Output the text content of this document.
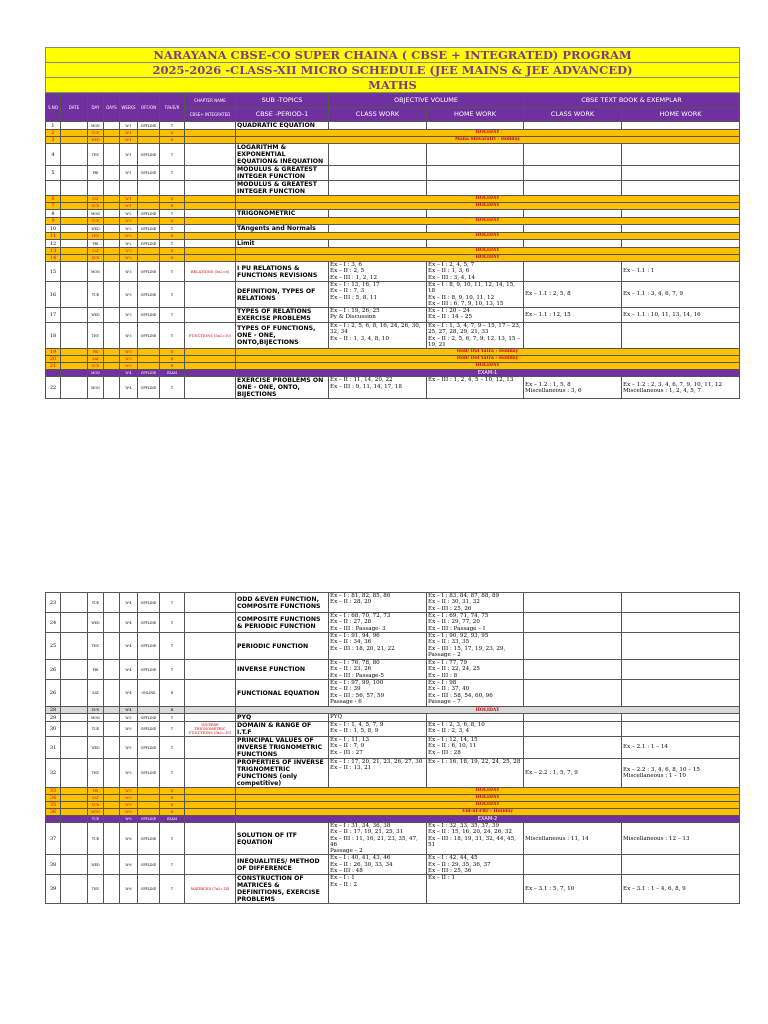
NARAYANA CBSE-CO SUPER CHAINA ( CBSE + INTEGRATED) PROGRAM
2025-2026 -CLASS-XII MICRO SCHEDULE (JEE MAINS & JEE ADVANCED)
MATHS
S.NO	DATE	DAY	DAYS	WEEKS	OFF/ON	T/H/E/R	CHAPTER NAME	SUB -TOPICS	OBJECTIVE VOLUME		CBSE TEXT BOOK & EXEMPLAR	
							CBSE+ INTEGRATED	CBSE -PERIOD-1	CLASS WORK	HOME WORK	CLASS WORK	HOME WORK
1		MON		W-1	OFFLINE	T		QUADRATIC EQUATION				
2		TUE		W-1		H		HOLIDAY				
3		WED		W-1		H		Maha Shivaratri - Holiday				
4		THU		W-1	OFFLINE	T		LOGARITHM & EXPONENTIAL EQUATION& INEQUATION				
5		FRI		W-1	OFFLINE	T		MODULUS & GREATEST INTEGER FUNCTION				
								MODULUS & GREATEST INTEGER FUNCTION				
6		SAT		W-1		H		HOLIDAY				
7		SUN		W-1		H		HOLIDAY				
8		MON		W-2	OFFLINE	T		TRIGONOMETRIC				
9		TUE		W-2		H		HOLIDAY				
10		WED		W-2	OFFLINE	T		TAngents and Normals				
11		THU		W-2		H		HOLIDAY				
12		FRI		W-2	OFFLINE	T		Limit				
13		SAT		W-2		H		HOLIDAY				
14		SUN		W-2		H		HOLIDAY				
15		MON		W-3	OFFLINE	T	RELATIONS (5x2=6)	I PU RELATIONS & FUNCTIONS REVISIONS	Ex – I : 3, 6
Ex – II : 2, 5
Ex – III : 1, 2, 12	Ex – I : 2, 4, 5, 7
Ex – II : 1, 3, 6
Ex – III : 3, 4, 14		Ex – 1.1 : 1
16		TUE		W-3	OFFLINE	T		DEFINITION, TYPES OF RELATIONS	Ex – I : 13, 16, 17
Ex – II : 7, 3
Ex – III : 5, 8, 11	Ex – I : 8, 9, 10, 11, 12, 14, 15, 18
Ex – II : 8, 9, 10, 11, 12
Ex – III : 6, 7, 9, 10, 13, 15	Ex – 1.1 : 2, 5, 8	Ex – 1.1 : 3, 4, 6, 7, 9
17		WED		W-3	OFFLINE	T		TYPES OF RELATIONS EXERCISE PROBLEMS	Ex – I : 19, 26, 25
Py & Discussion	Ex – I : 20 – 24
Ex – II : 14 – 25	Ex – 1.1 : 12, 15	Ex – 1.1 : 10, 11, 13, 14, 16
18		THU		W-3	OFFLINE	T	FUNCTIONS (5x2=10)	TYPES OF FUNCTIONS, ONE - ONE, ONTO,BIJECTIONS	Ex – I : 2, 5, 6, 8, 16, 24, 26, 30, 32, 34
Ex – II : 1, 3, 4, 8, 10	Ex – I : 1, 3, 4, 7, 9 – 15, 17 – 23, 25, 27, 28, 29, 21, 33
Ex – II : 2, 5, 6, 7, 9, 12, 13, 15 – 19, 21		
19		FRI		W-3		H		Holi/ Dol Yatra - Holiday				
20		SAT		W-3		H		Holi/ Dol Yatra - Holiday				
21		SUN		W-3		H		HOLIDAY				
		MON		W-4	OFFLINE	EXAM		EXAM-1				
22		MON		W-4	OFFLINE	T		EXERCISE PROBLEMS ON ONE - ONE, ONTO, BIJECTIONS	Ex – II : 11, 14, 20, 22
Ex – III : 9, 11, 14, 17, 18	Ex – III : 1, 2, 4, 5 – 10, 12, 13	Ex – 1.2 : 1, 5, 8
Miscellaneous : 3, 6	Ex – 1.2 : 2, 3, 4, 6, 7, 9, 10, 11, 12
Miscellaneous : 1, 2, 4, 5, 7
23		TUE		W-4	OFFLINE	T		ODD &EVEN FUNCTION, COMPOSITE FUNCTIONS	Ex – I : 81, 82, 85, 86
Ex – II : 28, 29	Ex – I : 83, 84, 87, 88, 89
Ex – II : 30, 31, 32
Ex – III : 25, 26		
24		WED		W-4	OFFLINE	T		COMPOSITE FUNCTIONS & PERIODIC FUNCTION	Ex – I : 68, 70, 72, 73
Ex – II : 27, 28
Ex – III : Passage- 3	Ex – I : 69, 71, 74, 75
Ex – II : 29, 77, 20
Ex – III : Passage – I		
25		THU		W-4	OFFLINE	T		PERIODIC FUNCTION	Ex – I : 91, 94, 96
Ex – II : 34, 36
Ex – III : 18, 20, 21, 22	Ex – I : 90, 92, 93, 95
Ex – II : 33, 35
Ex – III : 15, 17, 19, 23, 29,
Passage – 2		
26		FRI		W-4	OFFLINE	T		INVERSE FUNCTION	Ex – I : 76, 78, 80
Ex – II : 23, 26
Ex – III : Passage-5	Ex – I : 77, 79
Ex – II : 22, 24, 25
Ex – III : 8		
26		SAT		W-4	ONLINE	R		FUNCTIONAL EQUATION	Ex – I : 97, 99, 100
Ex – II : 39
Ex – III : 56, 57, 59
Passage - 6	Ex – I : 98
Ex – II : 37, 40
Ex – III : 58, 54, 60, 96
Passage – 7		
28		SUN		W-4		H		HOLIDAY				
29		MON		W-5	OFFLINE	T		PYQ	PYQ			
30		TUE		W-5	OFFLINE	T	INVERSE TRIGNOMETRIC FUNCTIONS (5x2=10)	DOMAIN & RANGE OF I.T.F	Ex – I : 1, 4, 5, 7, 9
Ex – II : 1, 5, 8, 9	Ex – I : 2, 3, 6, 8, 10
Ex – II : 2, 3, 4		
31		WED		W-5	OFFLINE	T		PRINCIPAL VALUES OF INVERSE TRIGNOMETRIC FUNCTIONS	Ex – I : 11, 13
Ex – II : 7, 9
Ex – III : 27	Ex – I : 12, 14, 15
Ex – II : 6, 10, 11
Ex – III : 28		Ex – 2.1 : 1 – 14
32		THU		W-5	OFFLINE	T		PROPERTIES OF INVERSE TRIGNOMETRIC FUNCTIONS (only competitive)	Ex – I : 17, 20, 21, 23, 26, 27, 30
Ex – II : 13, 21	Ex – I : 16, 18, 19, 22, 24, 25, 28	Ex – 2.2 : 1, 5, 7, 9	Ex – 2.2 : 3, 4, 6, 8, 10 – 15
Miscellaneous : 1 – 10
33		FRI		W-5		H		HOLIDAY				
34		SAT		W-5		H		HOLIDAY				
35		SUN		W-5		H		HOLIDAY				
36		MON		W-6		H		Eid-ul-Fitr - Holiday				
		TUE		W-6	OFFLINE	EXAM		EXAM-2				
37		TUE		W-6	OFFLINE	T		SOLUTION OF ITF EQUATION	Ex – I : 31, 34, 36, 38
Ex – II : 17, 19, 21, 25, 31
Ex – III : 11, 16, 21, 23, 35, 47, 46
Passage – 2	Ex – I : 32, 33, 35, 37, 39
Ex – II : 15, 16, 20, 24, 26, 32
Ex – III : 18, 19, 31, 32, 44, 45, 51	Miscellaneous : 11, 14	Miscellaneous : 12 – 13
38		WED		W-6	OFFLINE	T		INEQUALITIES/ METHOD OF DIFFERENCE	Ex – I : 40, 41, 43, 46
Ex – II : 26, 30, 33, 34
Ex – III : 48	Ex – I : 42, 44, 45
Ex – II : 29, 35, 36, 37
Ex – III : 25, 36		
39		THU		W-6	OFFLINE	T	MATRICES (7x2=14)	CONSTRUCTION OF MATRICES & DEFINITIONS, EXERCISE PROBLEMS	Ex – I : 1
Ex – II : 2	Ex – II : 1	Ex – 3.1 : 5, 7, 10	Ex – 3.1 : 1 – 4, 6, 8, 9
